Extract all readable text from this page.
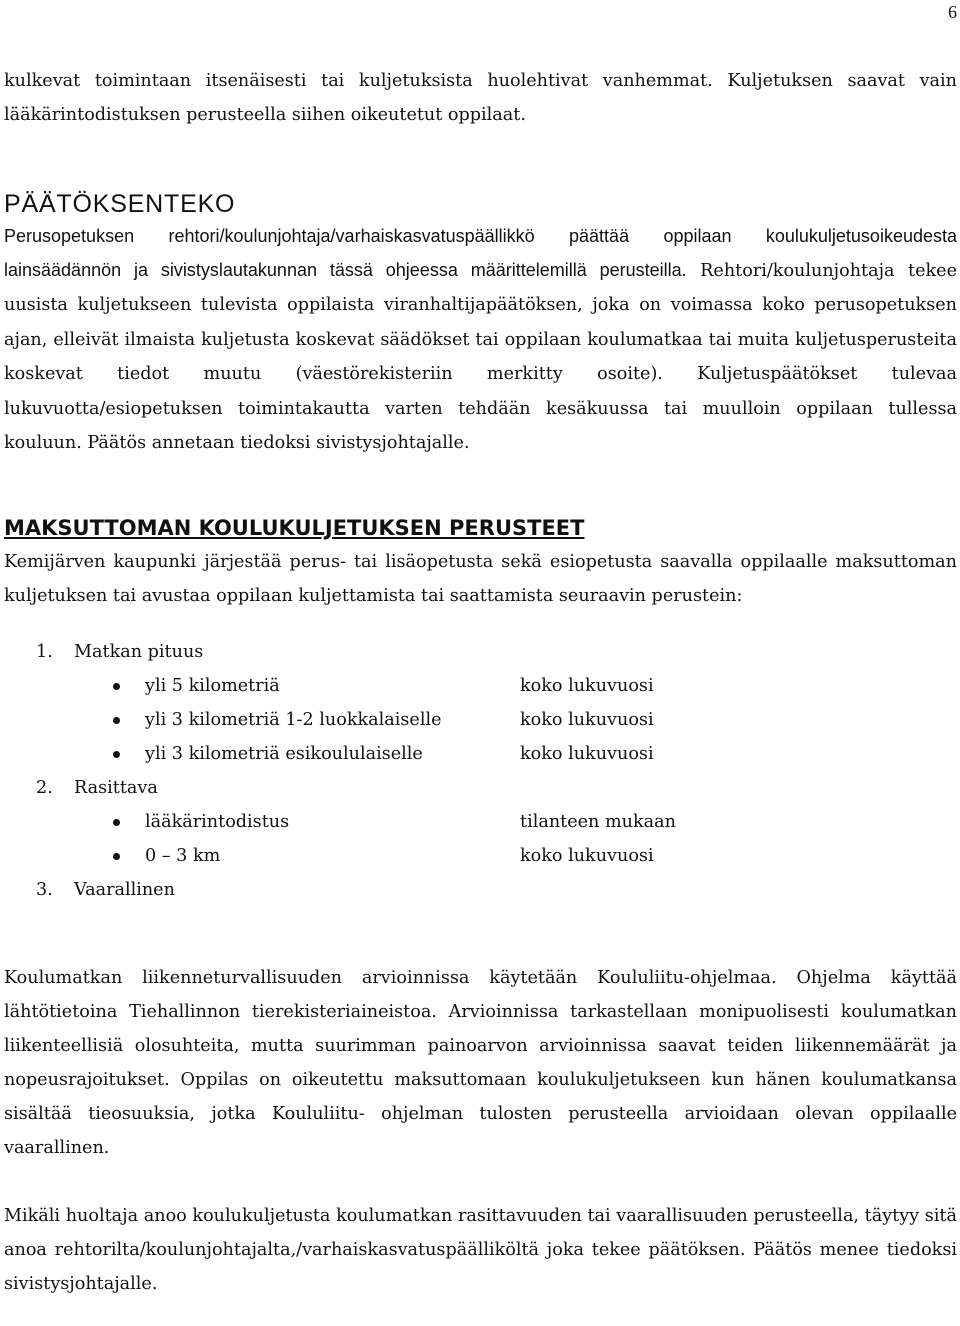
6

kulkevat toimintaan itsenäisesti tai kuljetuksista huolehtivat vanhemmat. Kuljetuksen saavat vain lääkärintodistuksen perusteella siihen oikeutetut oppilaat.

PÄÄTÖKSENTEKO

Perusopetuksen rehtori/koulunjohtaja/varhaiskasvatuspäällikkö päättää oppilaan koulukuljetusoikeudesta lainsäädännön ja sivistyslautakunnan tässä ohjeessa määrittelemillä perusteilla. Rehtori/koulunjohtaja tekee uusista kuljetukseen tulevista oppilaista viranhaltijapäätöksen, joka on voimassa koko perusopetuksen ajan, elleivät ilmaista kuljetusta koskevat säädökset tai oppilaan koulumatkaa tai muita kuljetusperusteita koskevat tiedot muutu (väestörekisteriin merkitty osoite). Kuljetuspäätökset tulevaa lukuvuotta/esiopetuksen toimintakautta varten tehdään kesäkuussa tai muulloin oppilaan tullessa kouluun. Päätös annetaan tiedoksi sivistysjohtajalle.

MAKSUTTOMAN KOULUKULJETUKSEN PERUSTEET

Kemijärven kaupunki järjestää perus- tai lisäopetusta sekä esiopetusta saavalla oppilaalle maksuttoman kuljetuksen tai avustaa oppilaan kuljettamista tai saattamista seuraavin perustein:

1. Matkan pituus
yli 5 kilometriä	koko lukuvuosi
yli 3 kilometriä 1-2 luokkalaiselle	koko lukuvuosi
yli 3 kilometriä esikoululaiselle	koko lukuvuosi
2. Rasittava
lääkärintodistus	tilanteen mukaan
0 – 3 km	koko lukuvuosi
3. Vaarallinen

Koulumatkan liikenneturvallisuuden arvioinnissa käytetään Koululiitu-ohjelmaa. Ohjelma käyttää lähtötietoina Tiehallinnon tierekisteriaineistoa. Arvioinnissa tarkastellaan monipuolisesti koulumatkan liikenteellisiä olosuhteita, mutta suurimman painoarvon arvioinnissa saavat teiden liikennemäärät ja nopeusrajoitukset. Oppilas on oikeutettu maksuttomaan koulukuljetukseen kun hänen koulumatkansa sisältää tieosuuksia, jotka Koululiitu- ohjelman tulosten perusteella arvioidaan olevan oppilaalle vaarallinen.

Mikäli huoltaja anoo koulukuljetusta koulumatkan rasittavuuden tai vaarallisuuden perusteella, täytyy sitä anoa rehtorilta/koulunjohtajalta,/varhaiskasvatuspäälliköltä joka tekee päätöksen. Päätös menee tiedoksi sivistysjohtajalle.
